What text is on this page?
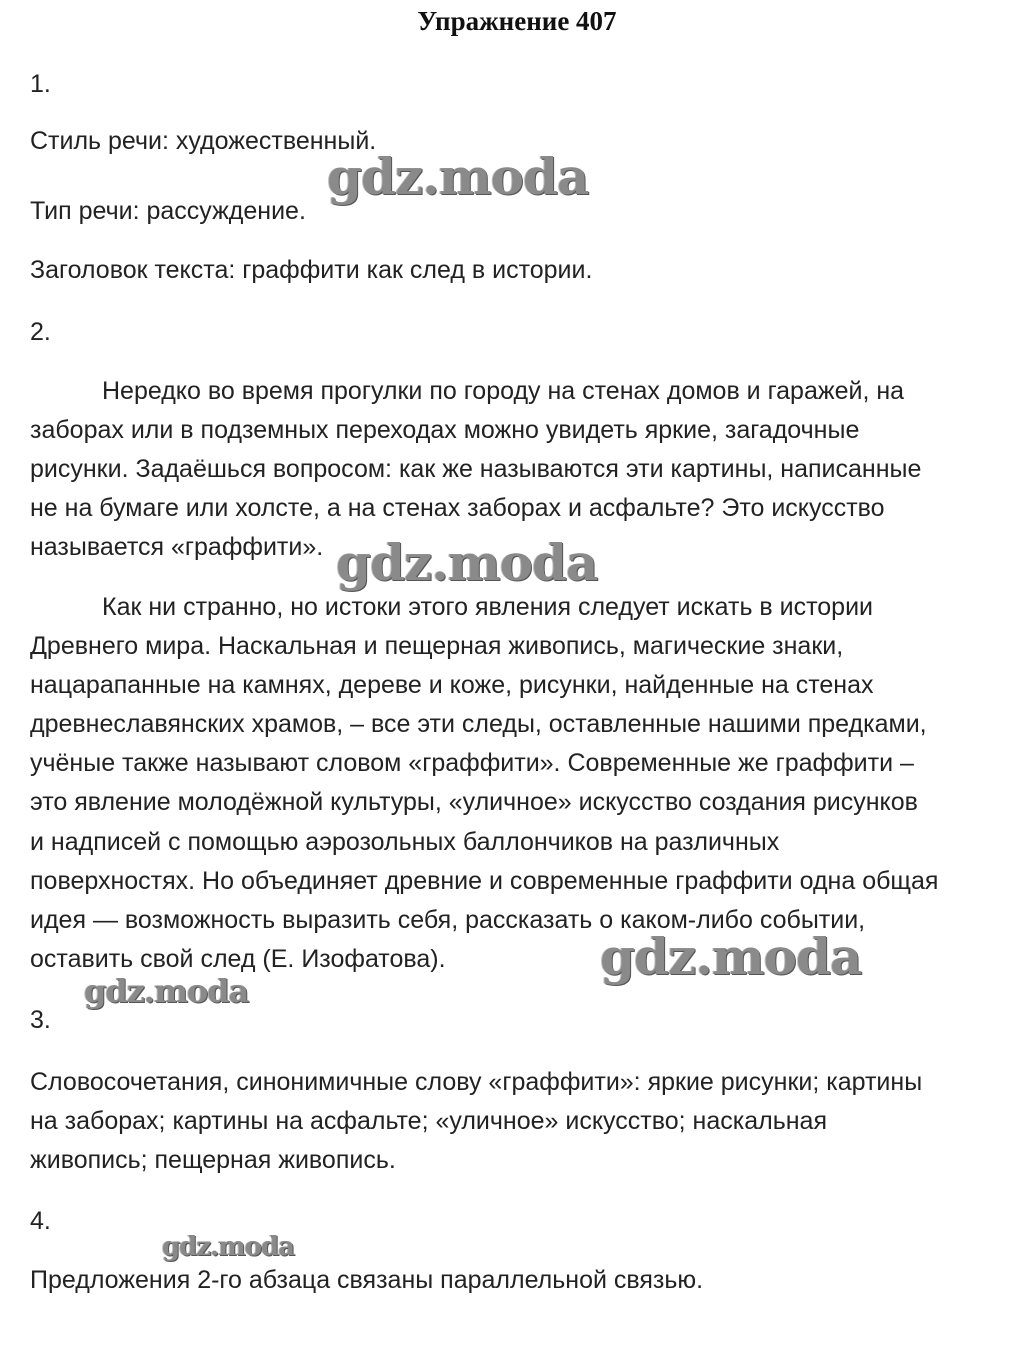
Упражнение 407
1.
Стиль речи: художественный.
Тип речи: рассуждение.
Заголовок текста: граффити как след в истории.
2.
Нередко во время прогулки по городу на стенах домов и гаражей, на
заборах или в подземных переходах можно увидеть яркие, загадочные
рисунки. Задаёшься вопросом: как же называются эти картины, написанные
не на бумаге или холсте, а на стенах заборах и асфальте? Это искусство
называется «граффити».
Как ни странно, но истоки этого явления следует искать в истории
Древнего мира. Наскальная и пещерная живопись, магические знаки,
нацарапанные на камнях, дереве и коже, рисунки, найденные на стенах
древнеславянских храмов, – все эти следы, оставленные нашими предками,
учёные также называют словом «граффити». Современные же граффити –
это явление молодёжной культуры, «уличное» искусство создания рисунков
и надписей с помощью аэрозольных баллончиков на различных
поверхностях. Но объединяет древние и современные граффити одна общая
идея — возможность выразить себя, рассказать о каком-либо событии,
оставить свой след (Е. Изофатова).
3.
Словосочетания, синонимичные слову «граффити»: яркие рисунки; картины
на заборах; картины на асфальте; «уличное» искусство; наскальная
живопись; пещерная живопись.
4.
Предложения 2-го абзаца связаны параллельной связью.
gdz.moda
gdz.moda
gdz.moda
gdz.moda
gdz.moda
